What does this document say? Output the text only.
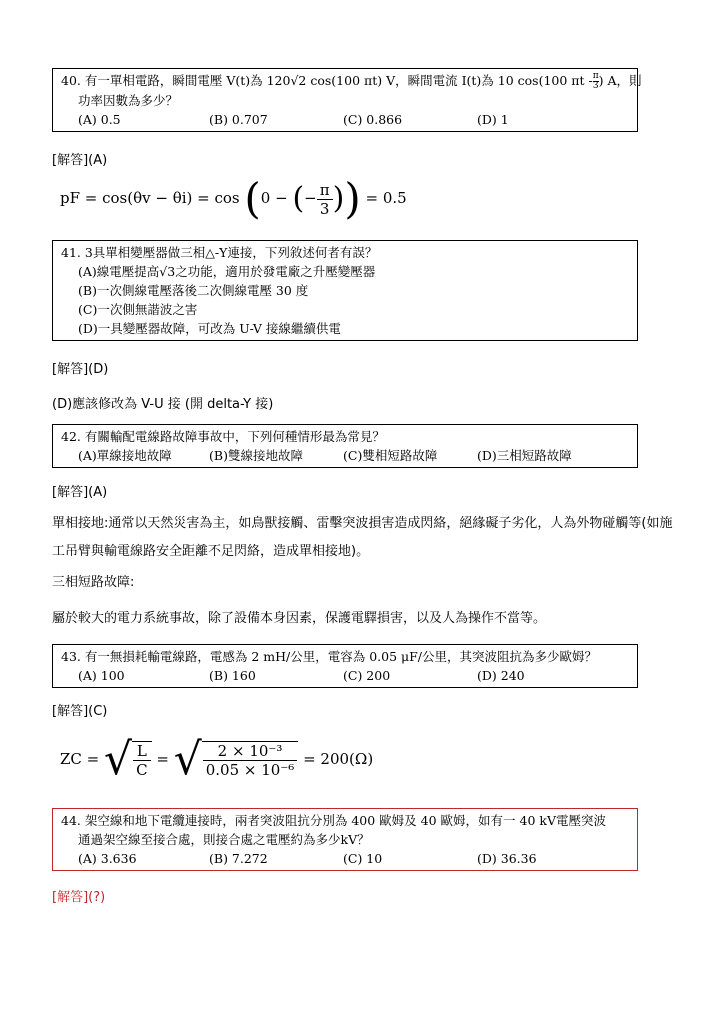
40. 有一單相電路，瞬間電壓 V(t)為 120√2 cos(100 πt) V，瞬間電流 I(t)為 10 cos(100 πt - $\frac{\pi}{3}$ ) A，則
功率因數為多少？
(A) 0.5	(B) 0.707	(C) 0.866	(D) 1
[解答](A)
pF = cos(θv − θi) = cos (0 − (− $\frac{\pi}{3}$ )) = 0.5
41. 3具單相變壓器做三相△-Y連接，下列敘述何者有誤？
(A)線電壓提高√3之功能，適用於發電廠之升壓變壓器
(B)一次側線電壓落後二次側線電壓 30 度
(C)一次側無諧波之害
(D)一具變壓器故障，可改為 U-V 接線繼續供電
[解答](D)
(D)應該修改為 V-U 接 (開 delta-Y 接)
42. 有關輸配電線路故障事故中，下列何種情形最為常見？
(A)單線接地故障	(B)雙線接地故障	(C)雙相短路故障	(D)三相短路故障
[解答](A)
單相接地:通常以天然災害為主，如鳥獸接觸、雷擊突波損害造成閃絡，絕緣礙子劣化，人為外物碰觸等(如施工吊臂與輸電線路安全距離不足閃絡，造成單相接地)。
三相短路故障:
屬於較大的電力系統事故，除了設備本身因素，保護電驛損害，以及人為操作不當等。
43. 有一無損耗輸電線路，電感為 2 mH/公里，電容為 0.05 μF/公里，其突波阻抗為多少歐姆？
(A) 100	(B) 160	(C) 200	(D) 240
[解答](C)
ZC = √ $\frac{L}{C}$ = √ $\frac{\text{2 × 10⁻³}}{\text{0.05 × 10⁻⁶}} = 200(\Omega)$
44. 架空線和地下電纜連接時，兩者突波阻抗分別為 400 歐姆及 40 歐姆，如有一 40 kV電壓突波
通過架空線至接合處，則接合處之電壓約為多少kV？
(A) 3.636	(B) 7.272	(C) 10	(D) 36.36
[解答](?)
